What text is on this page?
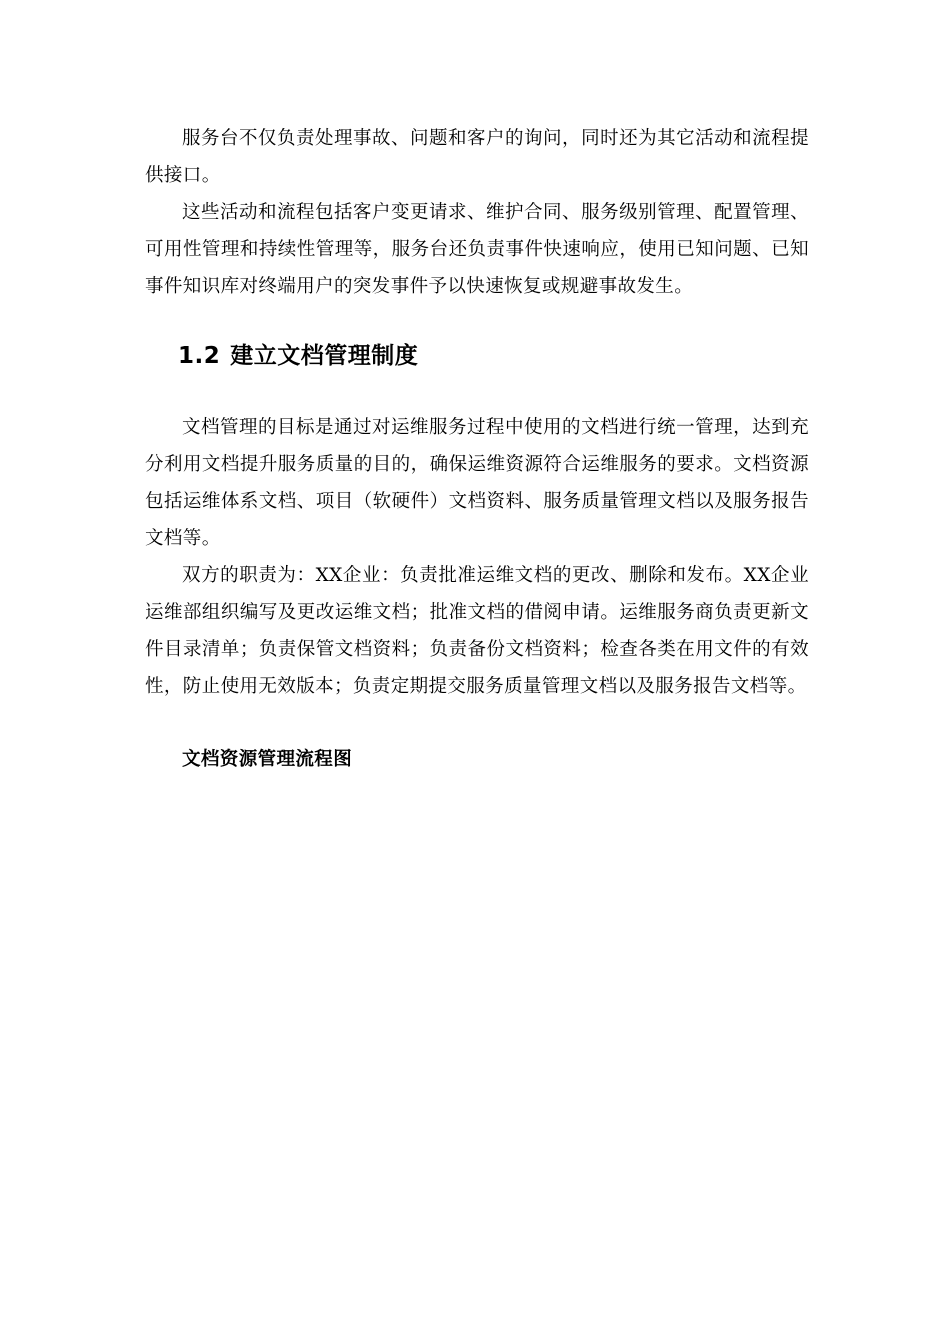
服务台不仅负责处理事故、问题和客户的询问，同时还为其它活动和流程提供接口。

这些活动和流程包括客户变更请求、维护合同、服务级别管理、配置管理、可用性管理和持续性管理等，服务台还负责事件快速响应，使用已知问题、已知事件知识库对终端用户的突发事件予以快速恢复或规避事故发生。

1.2 建立文档管理制度

文档管理的目标是通过对运维服务过程中使用的文档进行统一管理，达到充分利用文档提升服务质量的目的，确保运维资源符合运维服务的要求。文档资源包括运维体系文档、项目（软硬件）文档资料、服务质量管理文档以及服务报告文档等。

双方的职责为：XX企业：负责批准运维文档的更改、删除和发布。XX企业运维部组织编写及更改运维文档；批准文档的借阅申请。运维服务商负责更新文件目录清单；负责保管文档资料；负责备份文档资料；检查各类在用文件的有效性，防止使用无效版本；负责定期提交服务质量管理文档以及服务报告文档等。

文档资源管理流程图
